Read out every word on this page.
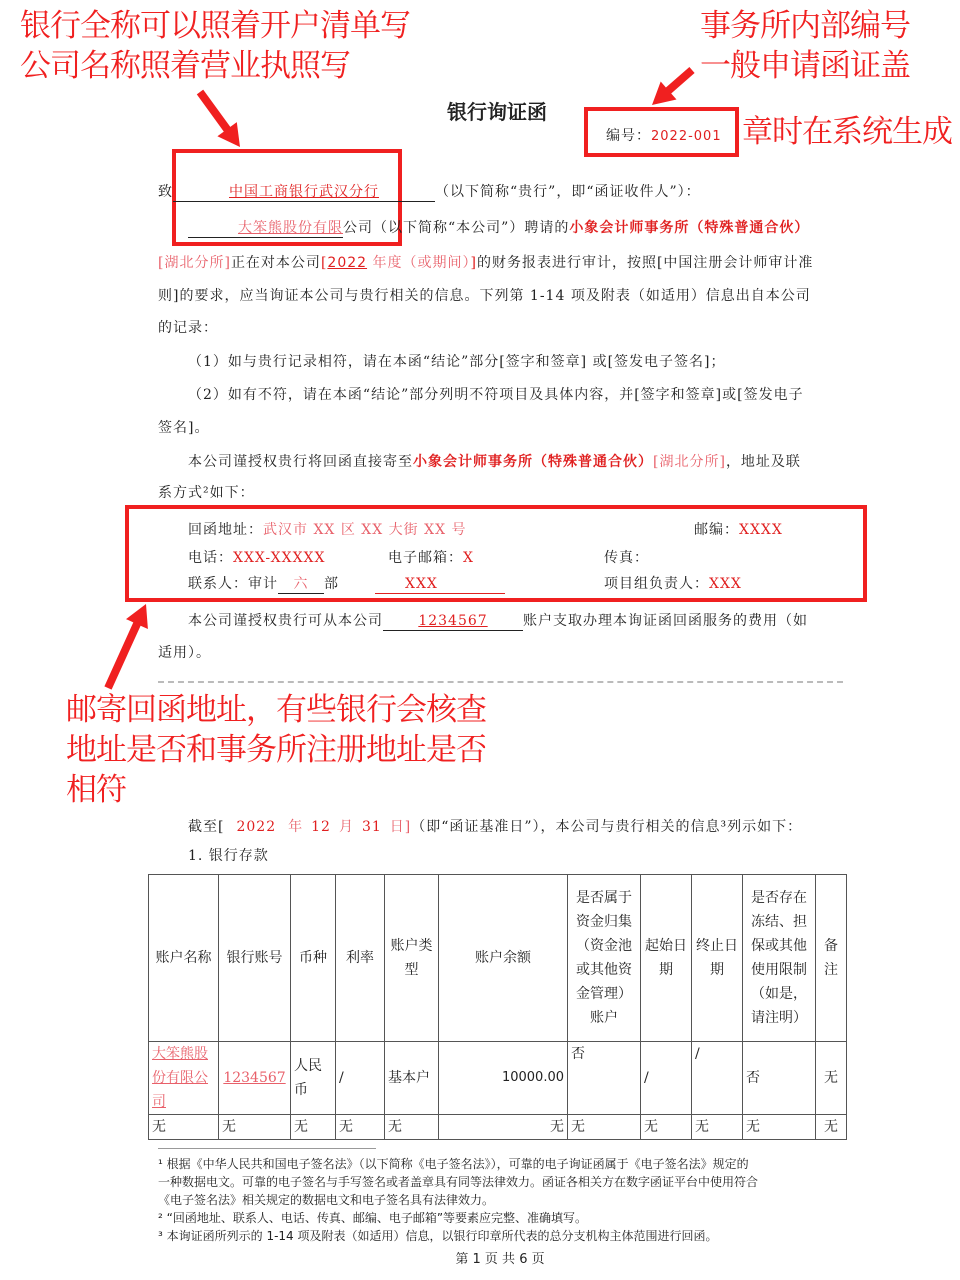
银行询证函
编号：2022-001
致	中国工商银行武汉分行	（以下简称“贵行”，即“函证收件人”）：
大笨熊股份有限公司（以下简称“本公司”）聘请的小象会计师事务所（特殊普通合伙）
[湖北分所]正在对本公司[2022 年度（或期间）]的财务报表进行审计，按照[中国注册会计师审计准
则]的要求，应当询证本公司与贵行相关的信息。下列第 1-14 项及附表（如适用）信息出自本公司
的记录：
（1）如与贵行记录相符，请在本函“结论”部分[签字和签章] 或[签发电子签名]；
（2）如有不符，请在本函“结论”部分列明不符项目及具体内容，并[签字和签章]或[签发电子
签名]。
本公司谨授权贵行将回函直接寄至小象会计师事务所（特殊普通合伙）[湖北分所]，地址及联
系方式²如下：
回函地址：武汉市 XX 区 XX 大街 XX 号	邮编：XXXX
电话：XXX-XXXXX	电子邮箱：X	传真：
联系人：审计 六 部	XXX	项目组负责人：XXX
本公司谨授权贵行可从本公司	1234567	账户支取办理本询证函回函服务的费用（如
适用）。
截至[ 2022 年 12 月 31 日]（即“函证基准日”），本公司与贵行相关的信息³列示如下：
1. 银行存款
账户名称	银行账号	币种	利率	账户类型	账户余额	是否属于资金归集（资金池或其他资金管理）账户	起始日期	终止日期	是否存在冻结、担保或其他使用限制（如是，请注明）	备注
大笨熊股份有限公司	1234567	人民币	/	基本户	10000.00	否	/	/	否	无
无	无	无	无	无	无	无	无	无	无	无
¹ 根据《中华人民共和国电子签名法》（以下简称《电子签名法》），可靠的电子询证函属于《电子签名法》规定的
一种数据电文。可靠的电子签名与手写签名或者盖章具有同等法律效力。函证各相关方在数字函证平台中使用符合
《电子签名法》相关规定的数据电文和电子签名具有法律效力。
² “回函地址、联系人、电话、传真、邮编、电子邮箱”等要素应完整、准确填写。
³ 本询证函所列示的 1-14 项及附表（如适用）信息，以银行印章所代表的总分支机构主体范围进行回函。
第 1 页 共 6 页
银行全称可以照着开户清单写
公司名称照着营业执照写
事务所内部编号
一般申请函证盖
章时在系统生成
邮寄回函地址，有些银行会核查
地址是否和事务所注册地址是否
相符
